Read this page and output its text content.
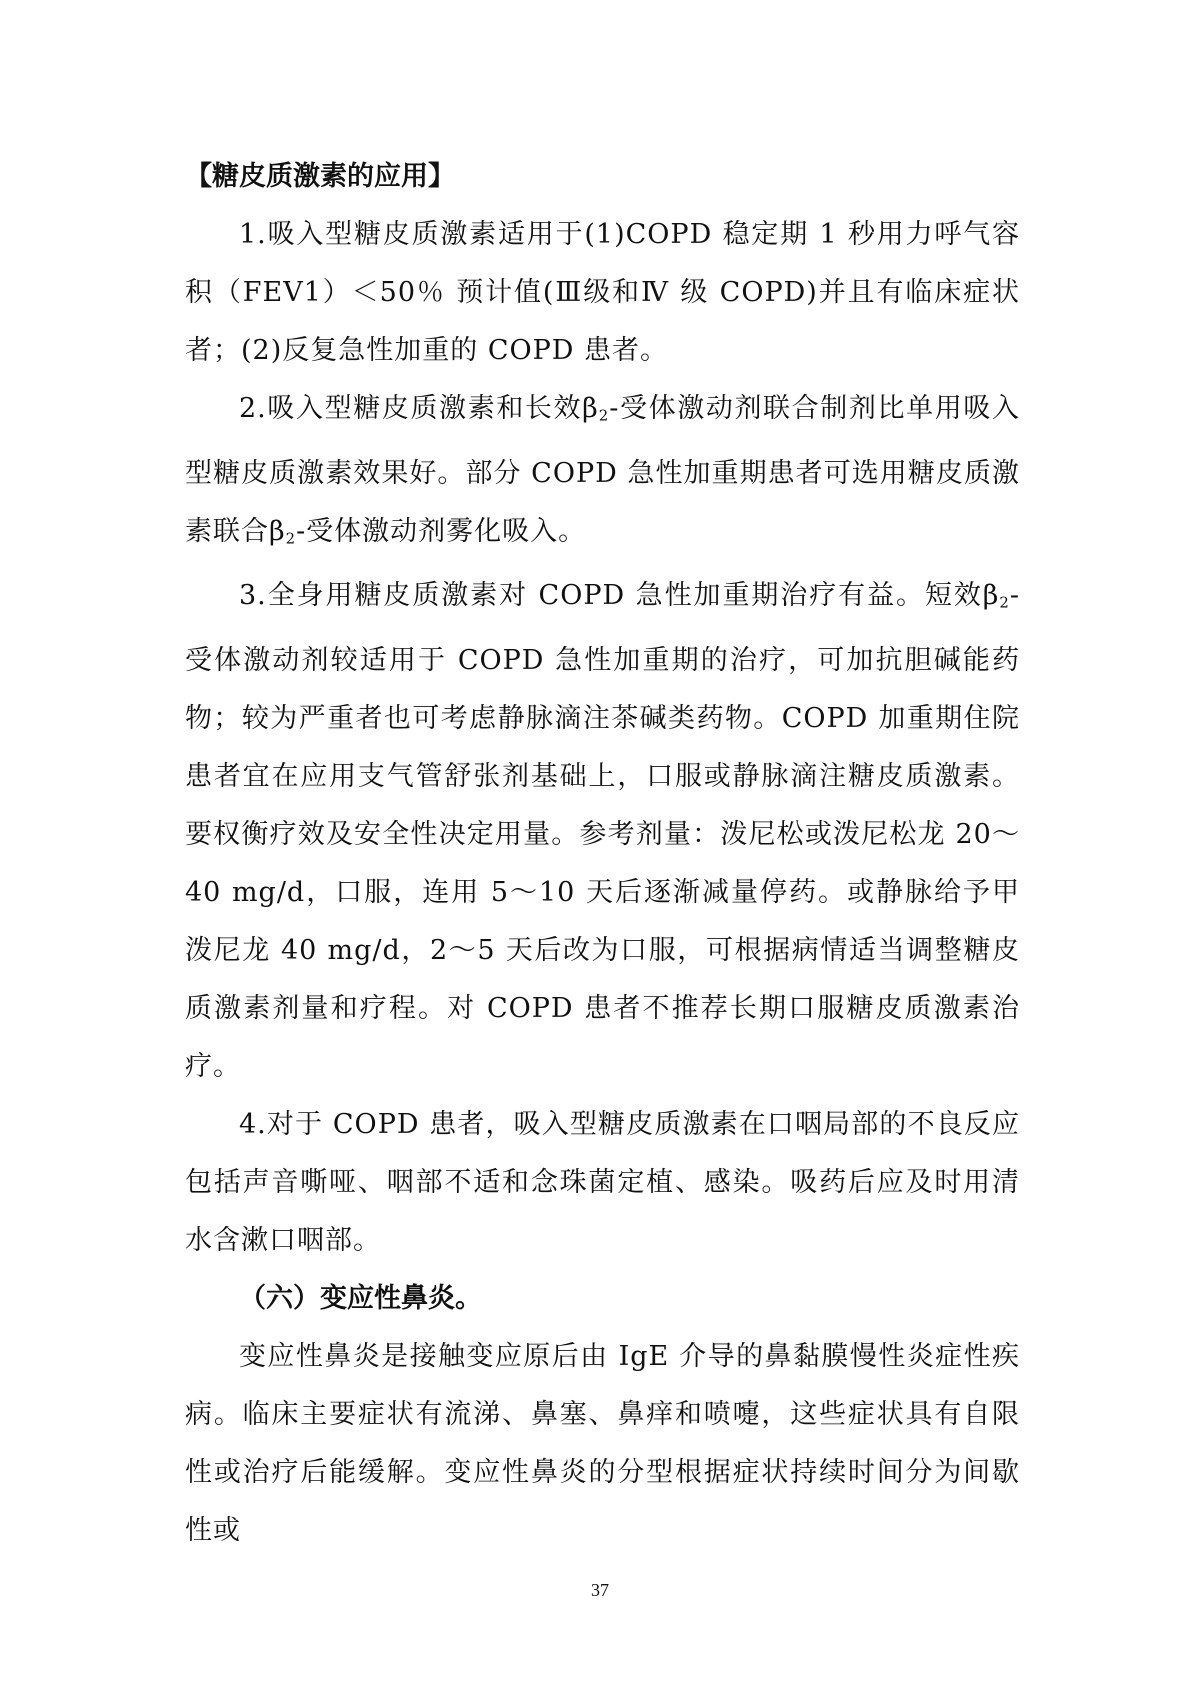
【糖皮质激素的应用】

1.吸入型糖皮质激素适用于(1)COPD 稳定期 1 秒用力呼气容积（FEV1）＜50％ 预计值(Ⅲ级和Ⅳ 级 COPD)并且有临床症状者；(2)反复急性加重的 COPD 患者。

2.吸入型糖皮质激素和长效$\beta_2-$受体激动剂联合制剂比单用吸入型糖皮质激素效果好。部分 COPD 急性加重期患者可选用糖皮质激素联合$\beta_2-$受体激动剂雾化吸入。

3.全身用糖皮质激素对 COPD 急性加重期治疗有益。短效$\beta_2-$受体激动剂较适用于 COPD 急性加重期的治疗，可加抗胆碱能药物；较为严重者也可考虑静脉滴注茶碱类药物。COPD 加重期住院患者宜在应用支气管舒张剂基础上，口服或静脉滴注糖皮质激素。要权衡疗效及安全性决定用量。参考剂量：泼尼松或泼尼松龙 20～40 mg/d，口服，连用 5～10 天后逐渐减量停药。或静脉给予甲泼尼龙 40 mg/d，2～5 天后改为口服，可根据病情适当调整糖皮质激素剂量和疗程。对 COPD 患者不推荐长期口服糖皮质激素治疗。

4.对于 COPD 患者，吸入型糖皮质激素在口咽局部的不良反应包括声音嘶哑、咽部不适和念珠菌定植、感染。吸药后应及时用清水含漱口咽部。

（六）变应性鼻炎。

变应性鼻炎是接触变应原后由 IgE 介导的鼻黏膜慢性炎症性疾病。临床主要症状有流涕、鼻塞、鼻痒和喷嚏，这些症状具有自限性或治疗后能缓解。变应性鼻炎的分型根据症状持续时间分为间歇性或

37
